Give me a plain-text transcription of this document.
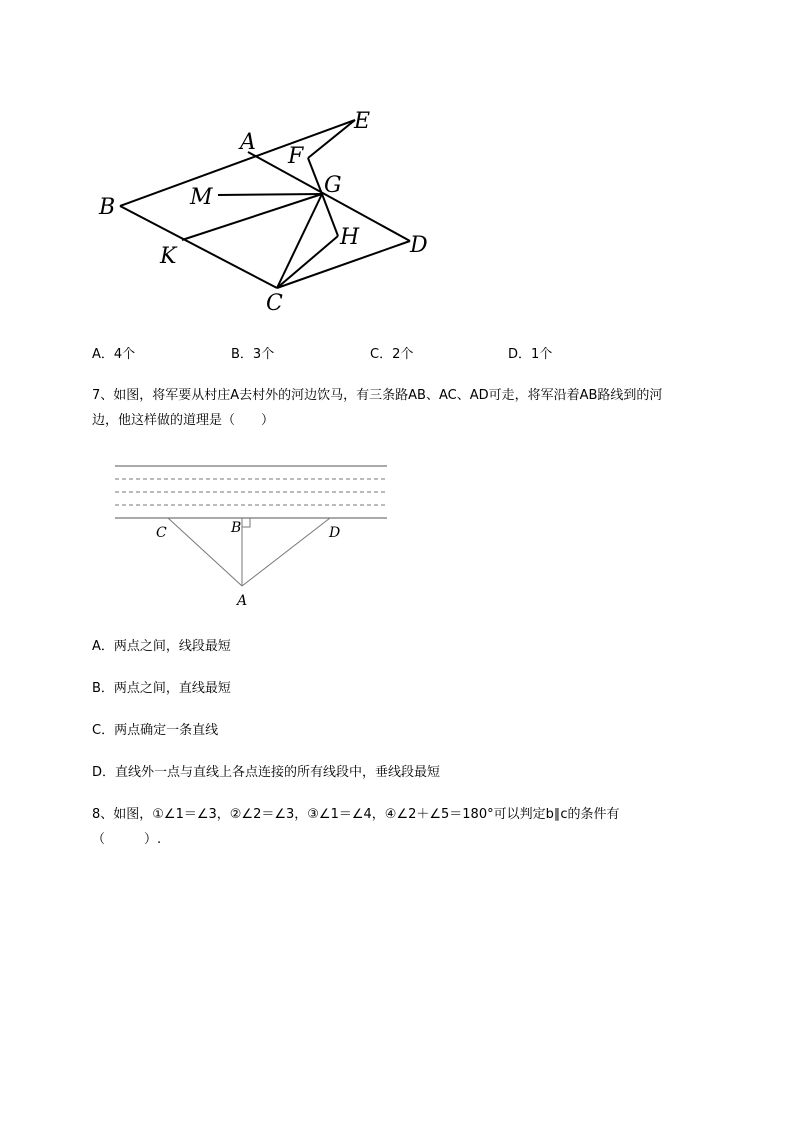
A
B
C
D
E
F
G
H
K
M
A．4个	B．3个	C．2个	D．1个
7、如图，将军要从村庄A去村外的河边饮马，有三条路AB、AC、AD可走，将军沿着AB路线到的河
边，他这样做的道理是（　　）
C	B	D
A
A．两点之间，线段最短
B．两点之间，直线最短
C．两点确定一条直线
D．直线外一点与直线上各点连接的所有线段中，垂线段最短
8、如图，①∠1＝∠3，②∠2＝∠3，③∠1＝∠4，④∠2＋∠5＝180°可以判定b∥c的条件有
（　　　）.
